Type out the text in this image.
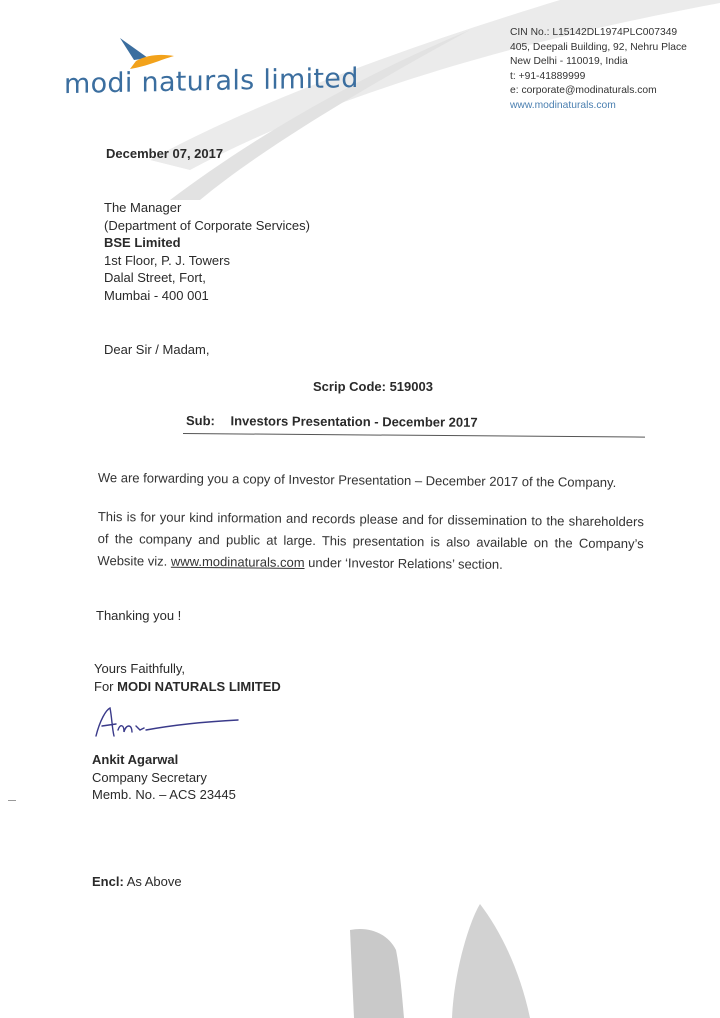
modi naturals limited
CIN No.: L15142DL1974PLC007349
405, Deepali Building, 92, Nehru Place
New Delhi - 110019, India
t: +91-41889999
e: corporate@modinaturals.com
www.modinaturals.com
December 07, 2017
The Manager
(Department of Corporate Services)
BSE Limited
1st Floor, P. J. Towers
Dalal Street, Fort,
Mumbai - 400 001
Dear Sir / Madam,
Scrip Code: 519003
Sub: Investors Presentation - December 2017
We are forwarding you a copy of Investor Presentation – December 2017 of the Company.
This is for your kind information and records please and for dissemination to the shareholders of the company and public at large. This presentation is also available on the Company’s Website viz. www.modinaturals.com under ‘Investor Relations’ section.
Thanking you !
Yours Faithfully,
For MODI NATURALS LIMITED
Ankit Agarwal
Company Secretary
Memb. No. – ACS 23445
Encl: As Above
